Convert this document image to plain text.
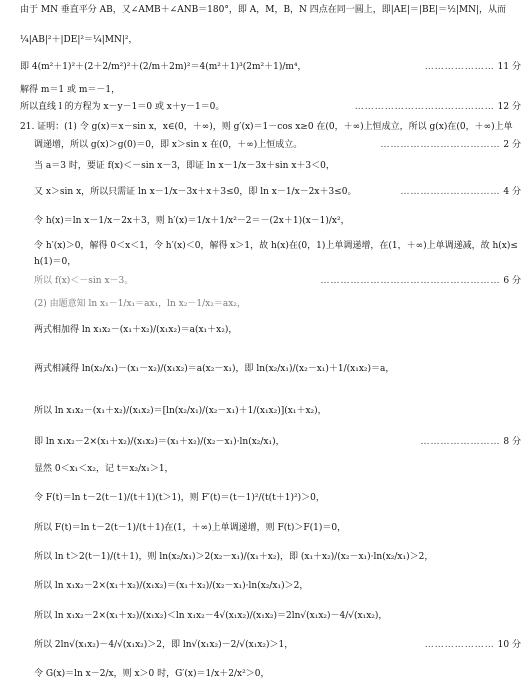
由于 MN 垂直平分 AB，又∠AMB＋∠ANB＝180°，即 A，M，B，N 四点在同一圆上，即|AE|＝|BE|＝½|MN|，从而
¼|AB|²＋|DE|²＝¼|MN|²，
即 4(m²＋1)²＋(2＋2/m²)²＋(2/m＋2m)²＝4(m²＋1)³(2m²＋1)/m⁴，	………………… 11 分
解得 m＝1 或 m＝－1，
所以直线 l 的方程为 x－y－1＝0 或 x＋y－1＝0。	…………………………………… 12 分
21. 证明：(1) 令 g(x)＝x－sin x，x∈(0，＋∞)，则 g′(x)＝1－cos x≥0 在(0，＋∞)上恒成立，所以 g(x)在(0，＋∞)上单
调递增，所以 g(x)＞g(0)＝0，即 x＞sin x 在(0，＋∞)上恒成立。	……………………………… 2 分
当 a＝3 时，要证 f(x)＜－sin x－3，即证 ln x－1/x－3x＋sin x＋3＜0，
又 x＞sin x，所以只需证 ln x－1/x－3x＋x＋3≤0，即 ln x－1/x－2x＋3≤0。	………………………… 4 分
令 h(x)＝ln x－1/x－2x＋3，则 h′(x)＝1/x＋1/x²－2＝－(2x＋1)(x－1)/x²，
令 h′(x)＞0，解得 0＜x＜1，令 h′(x)＜0，解得 x＞1，故 h(x)在(0，1)上单调递增，在(1，＋∞)上单调递减，故 h(x)≤
h(1)＝0，
所以 f(x)＜－sin x－3。	……………………………………………… 6 分
(2) 由题意知 ln x₁－1/x₁＝ax₁，ln x₂－1/x₂＝ax₂，
两式相加得 ln x₁x₂－(x₁＋x₂)/(x₁x₂)＝a(x₁＋x₂)，
两式相减得 ln(x₂/x₁)－(x₁－x₂)/(x₁x₂)＝a(x₂－x₁)，即 ln(x₂/x₁)/(x₂－x₁)＋1/(x₁x₂)＝a，
所以 ln x₁x₂－(x₁＋x₂)/(x₁x₂)＝[ln(x₂/x₁)/(x₂－x₁)＋1/(x₁x₂)](x₁＋x₂)，
即 ln x₁x₂－2×(x₁＋x₂)/(x₁x₂)＝(x₁＋x₂)/(x₂－x₁)·ln(x₂/x₁)，	…………………… 8 分
显然 0＜x₁＜x₂，记 t＝x₂/x₁＞1，
令 F(t)＝ln t－2(t－1)/(t＋1)(t＞1)，则 F′(t)＝(t－1)²/(t(t＋1)²)＞0，
所以 F(t)＝ln t－2(t－1)/(t＋1)在(1，＋∞)上单调递增，则 F(t)＞F(1)＝0，
所以 ln t＞2(t－1)/(t＋1)，则 ln(x₂/x₁)＞2(x₂－x₁)/(x₁＋x₂)，即 (x₁＋x₂)/(x₂－x₁)·ln(x₂/x₁)＞2，
所以 ln x₁x₂－2×(x₁＋x₂)/(x₁x₂)＝(x₁＋x₂)/(x₂－x₁)·ln(x₂/x₁)＞2，
所以 ln x₁x₂－2×(x₁＋x₂)/(x₁x₂)＜ln x₁x₂－4√(x₁x₂)/(x₁x₂)＝2ln√(x₁x₂)－4/√(x₁x₂)，
所以 2ln√(x₁x₂)－4/√(x₁x₂)＞2，即 ln√(x₁x₂)－2/√(x₁x₂)＞1，	………………… 10 分
令 G(x)＝ln x－2/x，则 x＞0 时，G′(x)＝1/x＋2/x²＞0，
